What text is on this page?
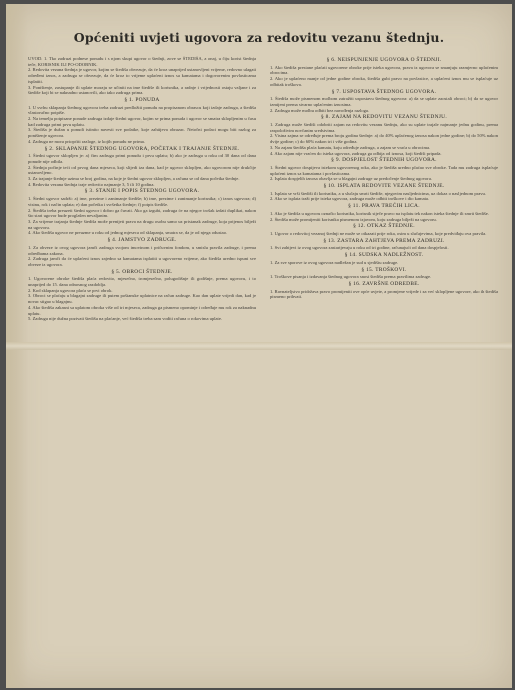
Općeniti uvjeti ugovora za redovitu vezanu štednju.
UVOD. 1. Tko zadruzi podnese ponudu i s njom skupi ugovor o štednji, zove se ŠTEDIŠA, a onaj, u čiju korist štednja teče, KORISNIK ILI PO-ODOBNIK.
2. Redovita vezana štednja je ugovor, kojim se štediša obvezuje, da će kroz unaprijed ustanovljeni vrijeme, redovno ulagati određeni iznos, a zadruga se obvezuje, da će kroz to vrijeme uplaćeni iznos sa kamatama i dogovorenim povlasticama isplatiti.
3. Poništenje, zastupanje ili uplate moraju se učiniti na ime štediše ili korisnika, a radnje i vrijednosti ostaju valjane i za štediše koji bi se naknadno ustanovili, ako tako zadruga prima.
§ 1. PONUDA
1. U svrhu sklapanja štednog ugovora treba zadruzi predložiti ponudu na propisanom obrascu koji izdaje zadruga, a štediša vlastoručno potpiše.
2. Na temelju potpisane ponude zadruga izdaje štedni ugovor, kojim se prima ponuda i ugovor se smatra sklopljenim u času kad zadruga primi prvu uplatu.
3. Štediša je dužan u ponudi istinito navesti sve podatke, koje zahtijeva obrazac. Netočni podaci mogu biti razlog za poništenje ugovora.
4. Zadruga ne mora priopćiti razloge, iz kojih ponudu ne prima.
§ 2. SKLAPANJE ŠTEDNOG UGOVORA, POČETAK I TRAJANJE ŠTEDNJE.
1. Štedni ugovor sklopljen je: a) čim zadruga primi ponudu i prvu uplatu; b) ako je zadruga u roku od 30 dana od dana ponude nije odbila.
2. Štednja počinje teći od prvog dana mjeseca, koji slijedi iza dana, kad je ugovor sklopljen, ako ugovorom nije drukčije ustanovljeno.
3. Za trajanje štednje uzima se broj godina, na koje je štedni ugovor sklopljen, a računa se od dana početka štednje.
4. Redovita vezana štednja traje redovito najmanje 3, 5 ili 10 godina.
§ 3. STANJE I POPIS ŠTEDNOG UGOVORA.
1. Štedni ugovor sadrži: a) ime, prezime i zanimanje štediše; b) ime, prezime i zanimanje korisnika; c) iznos ugovora; d) visinu, rok i način uplata; e) dan početka i svršetka štednje; f) potpis štediše.
2. Štediša treba preuzeti štedni ugovor i dobro ga čuvati. Ako ga izgubi, zadruga će na njegov trošak izdati duplikat, nakon što stari ugovor bude proglašen nevaljanim.
3. Za vrijeme trajanja štednje štediša može prenijeti prava na drugu osobu samo uz pristanak zadruge, koja prijenos bilježi na ugovoru.
4. Ako štediša ugovor ne preuzme u roku od jednog mjeseca od sklapanja, smatra se, da je od njega odustao.
§ 4. JAMSTVO ZADRUGE.
1. Za obveze iz ovog ugovora jamči zadruga svojom imovinom i pričuvnim fondom, u smislu pravila zadruge, i prema odredbama zakona.
2. Zadruga jamči da će uplaćeni iznos zajedno sa kamatama isplatiti u ugovoreno vrijeme, ako štediša uredno ispuni sve obveze iz ugovora.
§ 5. OBROCI ŠTEDNJE.
1. Ugovorene obroke štediša plaća redovito, mjesečno, tromjesečno, polugodišnje ili godišnje, prema ugovoru, i to unaprijed do 15. dana odnosnog razdoblja.
2. Kod sklapanja ugovora plaća se prvi obrok.
3. Obroci se plaćaju u blagajni zadruge ili putem poštanske uplatnice na račun zadruge. Kao dan uplate vrijedi dan, kad je novac stigao u blagajnu.
4. Ako štediša zakasni sa uplatom obroka više od tri mjeseca, zadruga ga pismeno opominje i određuje mu rok za naknadnu uplatu.
5. Zadruga nije dužna pozivati štedišu na plaćanje, već štediša treba sam voditi računa o rokovima uplate.
§ 6. NEISPUNJENJE UGOVORA O ŠTEDNJI.
1. Ako štediša prestane plaćati ugovorene obroke prije isteka ugovora, prava iz ugovora se smanjuju razmjerno uplaćenim obrocima.
2. Ako je uplaćeno manje od jedne godine obroka, štediša gubi pravo na povlastice, a uplaćeni iznos mu se isplaćuje uz odbitak troškova.
§ 7. USPOSTAVA ŠTEDNOG UGOVORA.
1. Štediša može pismenom molbom zatražiti uspostavu štednog ugovora: a) da se uplate zaostali obroci; b) da se ugovor izmijeni prema stvarno uplaćenim iznosima.
2. Zadruga može molbu odbiti bez navođenja razloga.
§ 8. ZAJAM NA REDOVITU VEZANU ŠTEDNJU.
1. Zadruga može štediši odobriti zajam na redovitu vezanu štednju, ako su uplate trajale najmanje jednu godinu, prema raspoloživim novčanim sredstvima.
2. Visina zajma se određuje prema broju godina štednje: a) do 40% uplaćenog iznosa nakon jedne godine; b) do 50% nakon dvije godine; c) do 60% nakon tri i više godina.
3. Na zajam štediša plaća kamatu, koju određuje zadruga, a zajam se vraća u obrocima.
4. Ako zajam nije vraćen do isteka ugovora, zadruga ga odbija od iznosa, koji štediši pripada.
§ 9. DOSPJELOST ŠTEDNIH UGOVORA.
1. Štedni ugovor dospijeva istekom ugovorenog roka, ako je štediša uredno plaćao sve obroke. Tada mu zadruga isplaćuje uplaćeni iznos sa kamatama i povlasticama.
2. Isplata dospjelih iznosa obavlja se u blagajni zadruge uz predočenje štednog ugovora.
§ 10. ISPLATA REDOVITE VEZANE ŠTEDNJE.
1. Isplata se vrši štediši ili korisniku, a u slučaju smrti štediše, njegovim nasljednicima, uz dokaz o nasljednom pravu.
2. Ako se isplata traži prije isteka ugovora, zadruga može odbiti troškove i dio kamata.
§ 11. PRAVA TREĆIH LICA.
1. Ako je štediša u ugovoru označio korisnika, korisnik stječe pravo na isplatu tek nakon isteka štednje ili smrti štediše.
2. Štediša može promijeniti korisnika pismenom izjavom, koju zadruga bilježi na ugovoru.
§ 12. OTKAZ ŠTEDNJE.
1. Ugovor o redovitoj vezanoj štednji ne može se otkazati prije roka, osim u slučajevima, koje predviđaju ova pravila.
§ 13. ZASTARA ZAHTJEVA PREMA ZADRUZI.
1. Svi zahtjevi iz ovog ugovora zastarijevaju u roku od tri godine, računajući od dana dospjelosti.
§ 14. SUDSKA NADLEŽNOST.
1. Za sve sporove iz ovog ugovora nadležan je sud u sjedištu zadruge.
§ 15. TROŠKOVI.
1. Troškove pisanja i izdavanja štednog ugovora snosi štediša prema pravilima zadruge.
§ 16. ZAVRŠNE ODREDBE.
1. Ravnateljstvo pridržava pravo promijeniti ove opće uvjete, a promjene vrijede i za već sklopljene ugovore, ako ih štediša pismeno prihvati.
